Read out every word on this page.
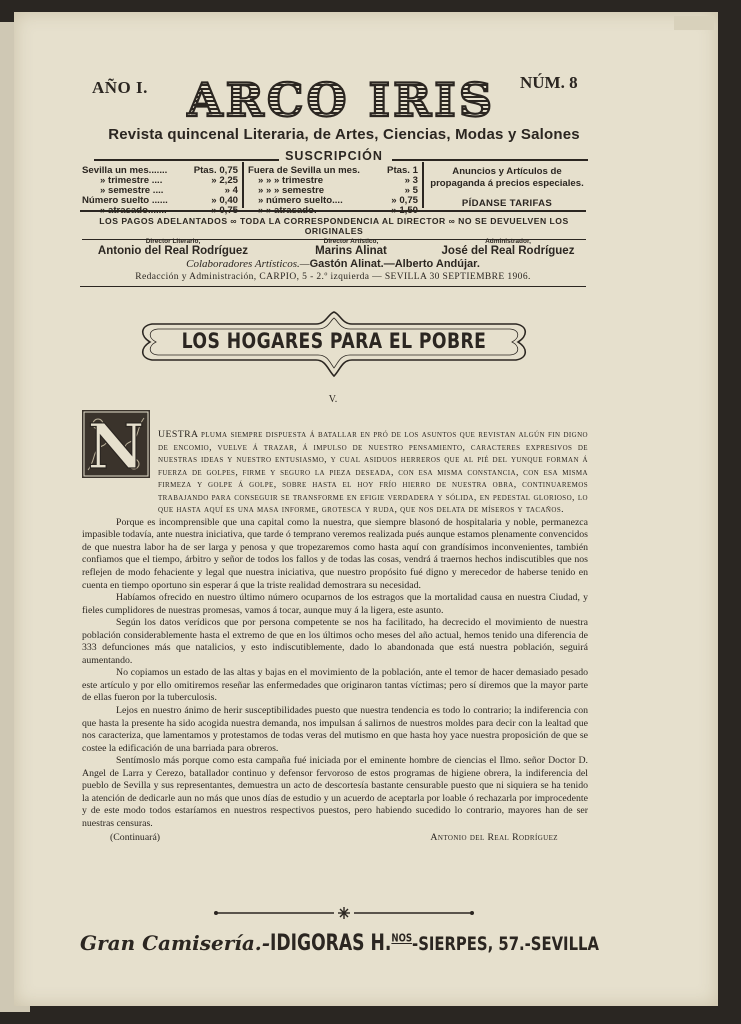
AÑO I.	NÚM. 8
ARCO IRIS
Revista quincenal Literaria, de Artes, Ciencias, Modas y Salones
SUSCRIPCIÓN
Sevilla un mes.......	Ptas. 0,75
» trimestre ....	» 2,25
» semestre ....	» 4
Número suelto ......	» 0,40
» atrasado.......	» 0,75
Fuera de Sevilla un mes.	Ptas. 1
» » » trimestre	» 3
» » » semestre	» 5
» número suelto....	» 0,75
» » atrasado.	» 1,50
Anuncios y Artículos de propaganda á precios especiales.
PÍDANSE TARIFAS
LOS PAGOS ADELANTADOS ∞ TODA LA CORRESPONDENCIA AL DIRECTOR ∞ NO SE DEVUELVEN LOS ORIGINALES
Director Literario,
Antonio del Real Rodríguez
Director Artístico,
Marins Alinat
Administrador,
José del Real Rodríguez
Colaboradores Artísticos.—Gastón Alinat.—Alberto Andújar.
Redacción y Administración, CARPIO, 5 - 2.º izquierda — SEVILLA 30 SEPTIEMBRE 1906.
LOS HOGARES PARA EL POBRE
V.
N	UESTRA pluma siempre dispuesta á batallar en pró de los asuntos que revistan algún fin digno de encomio, vuelve á trazar, á impulso de nuestro pensamiento, caracteres expresivos de nuestras ideas y nuestro entusiasmo, y cual asiduos herreros que al pié del yunque forman á fuerza de golpes, firme y seguro la pieza deseada, con esa misma constancia, con esa misma firmeza y golpe á golpe, sobre hasta el hoy frío hierro de nuestra obra, continuaremos trabajando para conseguir se transforme en efigie verdadera y sólida, en pedestal glorioso, lo que hasta aquí es una masa informe, grotesca y ruda, que nos delata de míseros y tacaños.

Porque es incomprensible que una capital como la nuestra, que siempre blasonó de hospitalaria y noble, permanezca impasible todavía, ante nuestra iniciativa, que tarde ó temprano veremos realizada pués aunque estamos plenamente convencidos de que nuestra labor ha de ser larga y penosa y que tropezaremos como hasta aquí con grandísimos inconvenientes, también confiamos que el tiempo, árbitro y señor de todos los fallos y de todas las cosas, vendrá á traernos hechos indiscutibles que nos reflejen de modo fehaciente y legal que nuestra iniciativa, que nuestro propósito fué digno y merecedor de haberse tenido en cuenta en tiempo oportuno sin esperar á que la triste realidad demostrara su necesidad.

Habíamos ofrecido en nuestro último número ocuparnos de los estragos que la mortalidad causa en nuestra Ciudad, y fieles cumplidores de nuestras promesas, vamos á tocar, aunque muy á la ligera, este asunto.

Según los datos verídicos que por persona competente se nos ha facilitado, ha decrecido el movimiento de nuestra población considerablemente hasta el extremo de que en los últimos ocho meses del año actual, hemos tenido una diferencia de 333 defunciones más que natalicios, y esto indiscutiblemente, dado lo abandonada que está nuestra población, seguirá aumentando.

No copiamos un estado de las altas y bajas en el movimiento de la población, ante el temor de hacer demasiado pesado este artículo y por ello omitiremos reseñar las enfermedades que originaron tantas víctimas; pero sí diremos que la mayor parte de ellas fueron por la tuberculosis.

Lejos en nuestro ánimo de herir susceptibilidades puesto que nuestra tendencia es todo lo contrario; la indiferencia con que hasta la presente ha sido acogida nuestra demanda, nos impulsan á salirnos de nuestros moldes para decir con la lealtad que nos caracteriza, que lamentamos y protestamos de todas veras del mutismo en que hasta hoy yace nuestra proposición de que se costee la edificación de una barriada para obreros.

Sentímoslo más porque como esta campaña fué iniciada por el eminente hombre de ciencias el Ilmo. señor Doctor D. Angel de Larra y Cerezo, batallador continuo y defensor fervoroso de estos programas de higiene obrera, la indiferencia del pueblo de Sevilla y sus representantes, demuestra un acto de descortesía bastante censurable puesto que ni siquiera se ha tenido la atención de dedicarle aun no más que unos días de estudio y un acuerdo de aceptarla por loable ó rechazarla por improcedente y de este modo todos estaríamos en nuestros respectivos puestos, pero habiendo sucedido lo contrario, mayores han de ser nuestras censuras.

(Continuará)	Antonio del Real Rodríguez
Gran Camisería.-IDIGORAS H.$^{NOS}$-SIERPES, 57.-SEVILLA
